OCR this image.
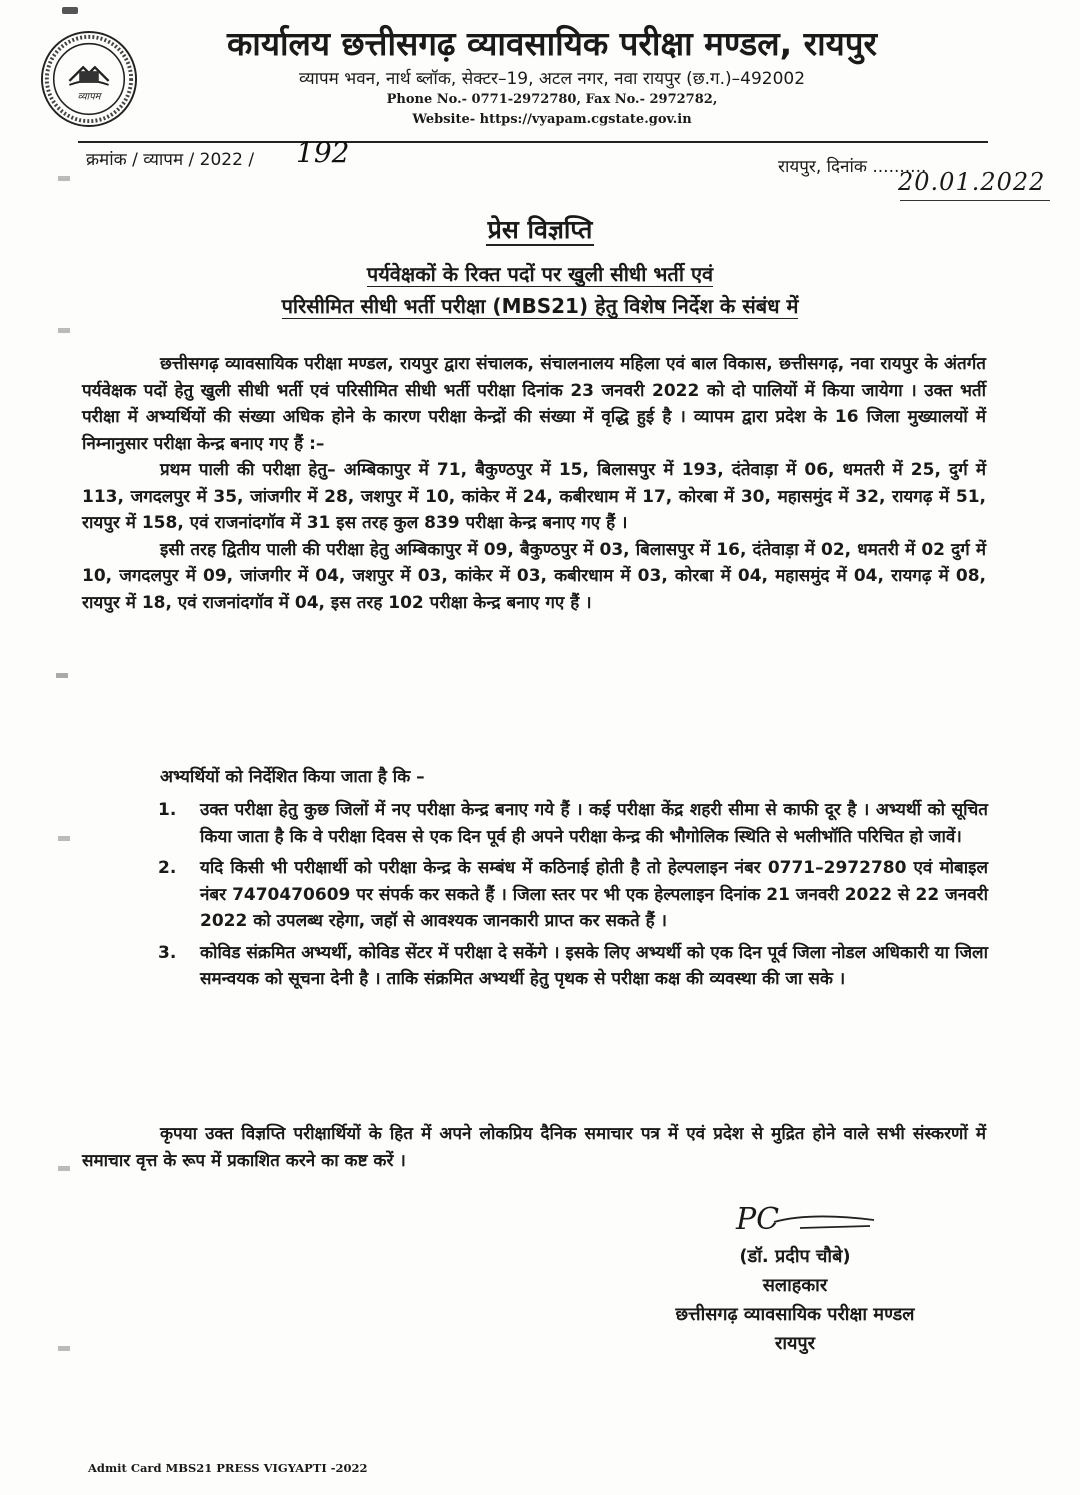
व्यापम
कार्यालय छत्तीसगढ़ व्यावसायिक परीक्षा मण्डल, रायपुर
व्यापम भवन, नार्थ ब्लॉक, सेक्टर–19, अटल नगर, नवा रायपुर (छ.ग.)–492002
Phone No.- 0771-2972780, Fax No.- 2972782,
Website- https://vyapam.cgstate.gov.in
क्रमांक / व्यापम / 2022 / 192	रायपुर, दिनांक ..........
20.01.2022
प्रेस विज्ञप्ति
पर्यवेक्षकों के रिक्त पदों पर खुली सीधी भर्ती एवं
परिसीमित सीधी भर्ती परीक्षा (MBS21) हेतु विशेष निर्देश के संबंध में

छत्तीसगढ़ व्यावसायिक परीक्षा मण्डल, रायपुर द्वारा संचालक, संचालनालय महिला एवं बाल विकास, छत्तीसगढ़, नवा रायपुर के अंतर्गत पर्यवेक्षक पदों हेतु खुली सीधी भर्ती एवं परिसीमित सीधी भर्ती परीक्षा दिनांक 23 जनवरी 2022 को दो पालियों में किया जायेगा । उक्त भर्ती परीक्षा में अभ्यर्थियों की संख्या अधिक होने के कारण परीक्षा केन्द्रों की संख्या में वृद्धि हुई है । व्यापम द्वारा प्रदेश के 16 जिला मुख्यालयों में निम्नानुसार परीक्षा केन्द्र बनाए गए हैं :–

प्रथम पाली की परीक्षा हेतु– अम्बिकापुर में 71, बैकुण्ठपुर में 15, बिलासपुर में 193, दंतेवाड़ा में 06, धमतरी में 25, दुर्ग में 113, जगदलपुर में 35, जांजगीर में 28, जशपुर में 10, कांकेर में 24, कबीरधाम में 17, कोरबा में 30, महासमुंद में 32, रायगढ़ में 51, रायपुर में 158, एवं राजनांदगॉव में 31 इस तरह कुल 839 परीक्षा केन्द्र बनाए गए हैं ।

इसी तरह द्वितीय पाली की परीक्षा हेतु अम्बिकापुर में 09, बैकुण्ठपुर में 03, बिलासपुर में 16, दंतेवाड़ा में 02, धमतरी में 02 दुर्ग में 10, जगदलपुर में 09, जांजगीर में 04, जशपुर में 03, कांकेर में 03, कबीरधाम में 03, कोरबा में 04, महासमुंद में 04, रायगढ़ में 08, रायपुर में 18, एवं राजनांदगॉव में 04, इस तरह 102 परीक्षा केन्द्र बनाए गए हैं ।

अभ्यर्थियों को निर्देशित किया जाता है कि –

1. उक्त परीक्षा हेतु कुछ जिलों में नए परीक्षा केन्द्र बनाए गये हैं । कई परीक्षा केंद्र शहरी सीमा से काफी दूर है । अभ्यर्थी को सूचित किया जाता है कि वे परीक्षा दिवस से एक दिन पूर्व ही अपने परीक्षा केन्द्र की भौगोलिक स्थिति से भलीभॉति परिचित हो जावें।
2. यदि किसी भी परीक्षार्थी को परीक्षा केन्द्र के सम्बंध में कठिनाई होती है तो हेल्पलाइन नंबर 0771–2972780 एवं मोबाइल नंबर 7470470609 पर संपर्क कर सकते हैं । जिला स्तर पर भी एक हेल्पलाइन दिनांक 21 जनवरी 2022 से 22 जनवरी 2022 को उपलब्ध रहेगा, जहॉ से आवश्यक जानकारी प्राप्त कर सकते हैं ।
3. कोविड संक्रमित अभ्यर्थी, कोविड सेंटर में परीक्षा दे सकेंगे । इसके लिए अभ्यर्थी को एक दिन पूर्व जिला नोडल अधिकारी या जिला समन्वयक को सूचना देनी है । ताकि संक्रमित अभ्यर्थी हेतु पृथक से परीक्षा कक्ष की व्यवस्था की जा सके ।

कृपया उक्त विज्ञप्ति परीक्षार्थियों के हित में अपने लोकप्रिय दैनिक समाचार पत्र में एवं प्रदेश से मुद्रित होने वाले सभी संस्करणों में समाचार वृत्त के रूप में प्रकाशित करने का कष्ट करें ।

PC
(डॉ. प्रदीप चौबे)
सलाहकार
छत्तीसगढ़ व्यावसायिक परीक्षा मण्डल
रायपुर
Admit Card MBS21 PRESS VIGYAPTI -2022
